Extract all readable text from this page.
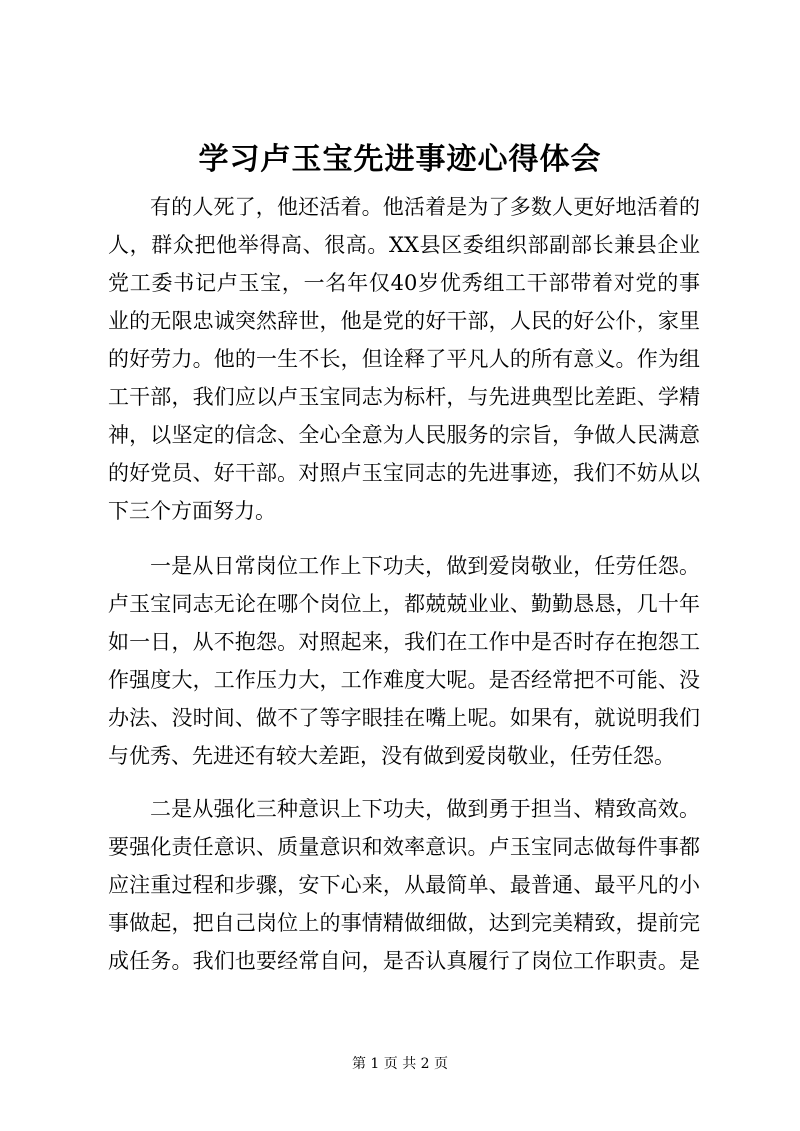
学习卢玉宝先进事迹心得体会
有的人死了，他还活着。他活着是为了多数人更好地活着的
人，群众把他举得高、很高。XX县区委组织部副部长兼县企业
党工委书记卢玉宝，一名年仅40岁优秀组工干部带着对党的事
业的无限忠诚突然辞世，他是党的好干部，人民的好公仆，家里
的好劳力。他的一生不长，但诠释了平凡人的所有意义。作为组
工干部，我们应以卢玉宝同志为标杆，与先进典型比差距、学精
神，以坚定的信念、全心全意为人民服务的宗旨，争做人民满意
的好党员、好干部。对照卢玉宝同志的先进事迹，我们不妨从以
下三个方面努力。
一是从日常岗位工作上下功夫，做到爱岗敬业，任劳任怨。
卢玉宝同志无论在哪个岗位上，都兢兢业业、勤勤恳恳，几十年
如一日，从不抱怨。对照起来，我们在工作中是否时存在抱怨工
作强度大，工作压力大，工作难度大呢。是否经常把不可能、没
办法、没时间、做不了等字眼挂在嘴上呢。如果有，就说明我们
与优秀、先进还有较大差距，没有做到爱岗敬业，任劳任怨。
二是从强化三种意识上下功夫，做到勇于担当、精致高效。
要强化责任意识、质量意识和效率意识。卢玉宝同志做每件事都
应注重过程和步骤，安下心来，从最简单、最普通、最平凡的小
事做起，把自己岗位上的事情精做细做，达到完美精致，提前完
成任务。我们也要经常自问，是否认真履行了岗位工作职责。是
第 1 页 共 2 页
